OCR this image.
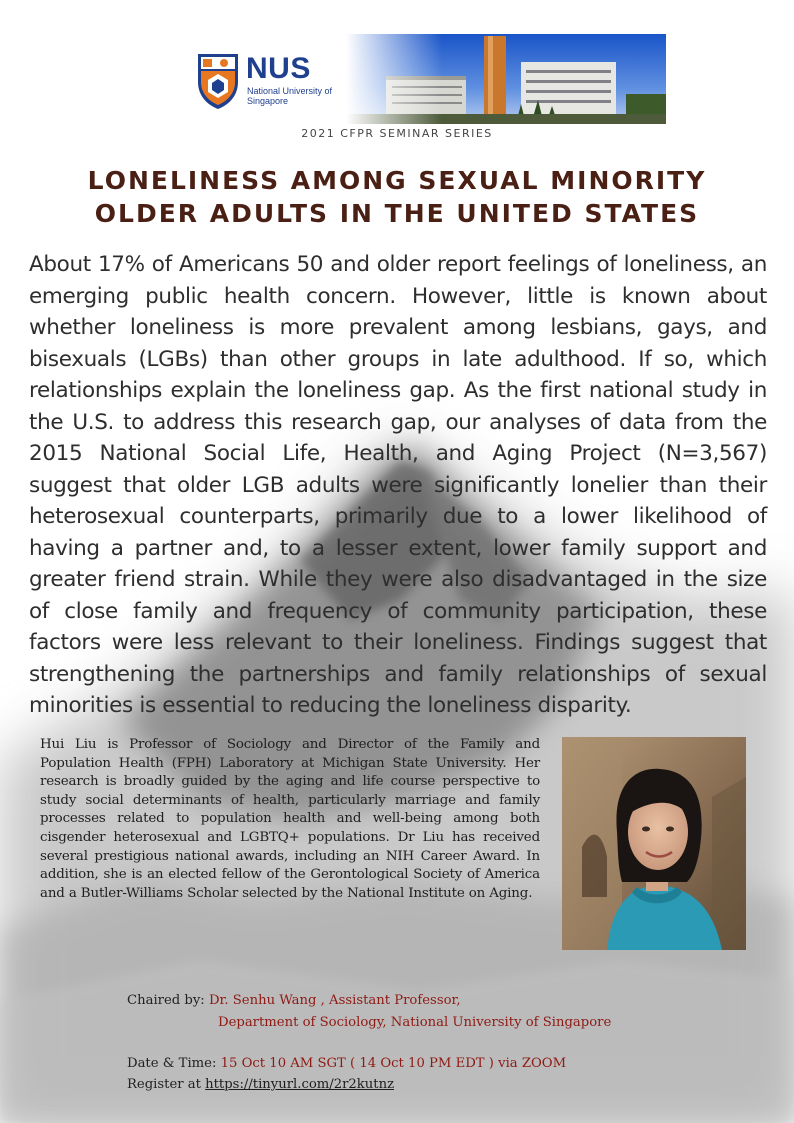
NUS
National University of Singapore
2021 CFPR SEMINAR SERIES
LONELINESS AMONG SEXUAL MINORITY
OLDER ADULTS IN THE UNITED STATES
About 17% of Americans 50 and older report feelings of loneliness, an emerging public health concern. However, little is known about whether loneliness is more prevalent among lesbians, gays, and bisexuals (LGBs) than other groups in late adulthood. If so, which relationships explain the loneliness gap. As the first national study in the U.S. to address this research gap, our analyses of data from the 2015 National Social Life, Health, and Aging Project (N=3,567) suggest that older LGB adults were significantly lonelier than their heterosexual counterparts, primarily due to a lower likelihood of having a partner and, to a lesser extent, lower family support and greater friend strain. While they were also disadvantaged in the size of close family and frequency of community participation, these factors were less relevant to their loneliness. Findings suggest that strengthening the partnerships and family relationships of sexual minorities is essential to reducing the loneliness disparity.
Hui Liu is Professor of Sociology and Director of the Family and Population Health (FPH) Laboratory at Michigan State University. Her research is broadly guided by the aging and life course perspective to study social determinants of health, particularly marriage and family processes related to population health and well-being among both cisgender heterosexual and LGBTQ+ populations. Dr Liu has received several prestigious national awards, including an NIH Career Award. In addition, she is an elected fellow of the Gerontological Society of America and a Butler-Williams Scholar selected by the National Institute on Aging.
Chaired by: Dr. Senhu Wang , Assistant Professor,
Department of Sociology, National University of Singapore
Date & Time: 15 Oct 10 AM SGT ( 14 Oct 10 PM EDT ) via ZOOM
Register at https://tinyurl.com/2r2kutnz
